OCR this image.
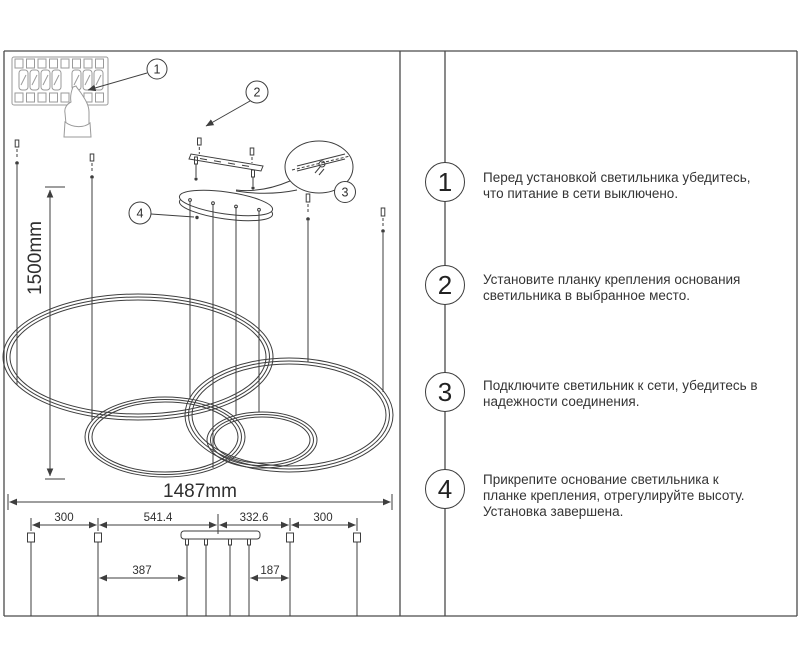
1
2
3
4
1500mm
1487mm
300	541.4	332.6	300
387	187
1 Перед установкой светильника убедитесь,
что питание в сети выключено.
2 Установите планку крепления основания
светильника в выбранное место.
3 Подключите светильник к сети, убедитесь в
надежности соединения.
4 Прикрепите основание светильника к
планке крепления, отрегулируйте высоту.
Установка завершена.
